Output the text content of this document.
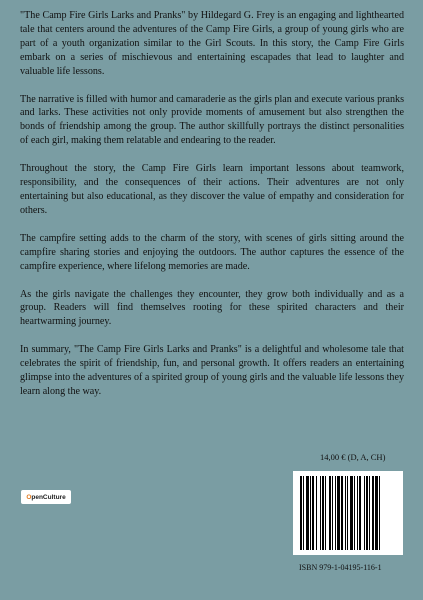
"The Camp Fire Girls Larks and Pranks" by Hildegard G. Frey is an engaging and lighthearted tale that centers around the adventures of the Camp Fire Girls, a group of young girls who are part of a youth organization similar to the Girl Scouts. In this story, the Camp Fire Girls embark on a series of mischievous and entertaining escapades that lead to laughter and valuable life lessons.

The narrative is filled with humor and camaraderie as the girls plan and execute various pranks and larks. These activities not only provide moments of amusement but also strengthen the bonds of friendship among the group. The author skillfully portrays the distinct personalities of each girl, making them relatable and endearing to the reader.

Throughout the story, the Camp Fire Girls learn important lessons about teamwork, responsibility, and the consequences of their actions. Their adventures are not only entertaining but also educational, as they discover the value of empathy and consideration for others.

The campfire setting adds to the charm of the story, with scenes of girls sitting around the campfire sharing stories and enjoying the outdoors. The author captures the essence of the campfire experience, where lifelong memories are made.

As the girls navigate the challenges they encounter, they grow both individually and as a group. Readers will find themselves rooting for these spirited characters and their heartwarming journey.

In summary, "The Camp Fire Girls Larks and Pranks" is a delightful and wholesome tale that celebrates the spirit of friendship, fun, and personal growth. It offers readers an entertaining glimpse into the adventures of a spirited group of young girls and the valuable life lessons they learn along the way.

O penCulture
14,00 € (D, A, CH)
ISBN 979-1-04195-116-1
